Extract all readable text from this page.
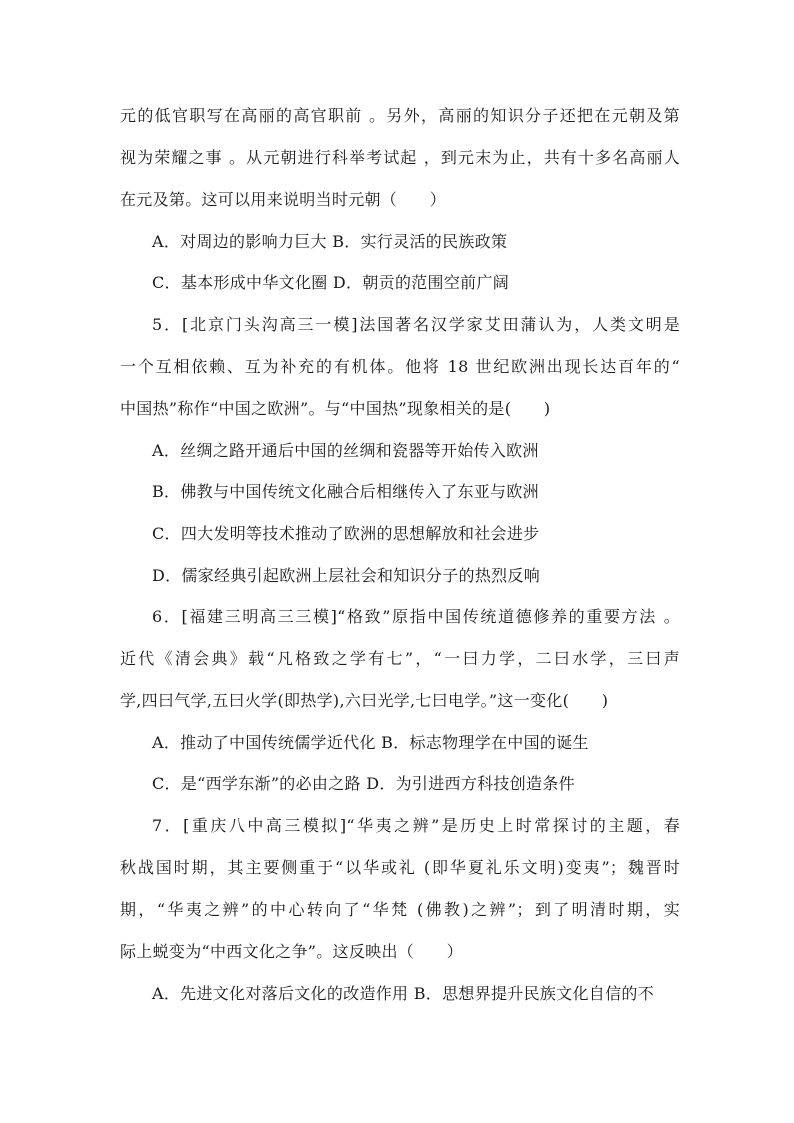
元的低官职写在高丽的高官职前 。另外，高丽的知识分子还把在元朝及第
视为荣耀之事 。从元朝进行科举考试起 ，到元末为止，共有十多名高丽人
在元及第。这可以用来说明当时元朝（　　）
A．对周边的影响力巨大 B．实行灵活的民族政策
C．基本形成中华文化圈 D．朝贡的范围空前广阔
5．[北京门头沟高三一模]法国著名汉学家艾田蒲认为，人类文明是
一个互相依赖、互为补充的有机体。他将 18 世纪欧洲出现长达百年的“
中国热”称作“中国之欧洲”。与“中国热”现象相关的是(　　)
A．丝绸之路开通后中国的丝绸和瓷器等开始传入欧洲
B．佛教与中国传统文化融合后相继传入了东亚与欧洲
C．四大发明等技术推动了欧洲的思想解放和社会进步
D．儒家经典引起欧洲上层社会和知识分子的热烈反响
6．[福建三明高三三模]“格致”原指中国传统道德修养的重要方法 。
近代《清会典》载“凡格致之学有七”，“一曰力学，二曰水学，三曰声
学,四曰气学,五曰火学(即热学),六曰光学,七曰电学。”这一变化(　　)
A．推动了中国传统儒学近代化 B．标志物理学在中国的诞生
C．是“西学东渐”的必由之路 D．为引进西方科技创造条件
7．[重庆八中高三模拟]“华夷之辨”是历史上时常探讨的主题，春
秋战国时期，其主要侧重于“以华或礼 (即华夏礼乐文明)变夷”；魏晋时
期，“华夷之辨”的中心转向了“华梵 (佛教)之辨”；到了明清时期，实
际上蜕变为“中西文化之争”。这反映出（　　）
A．先进文化对落后文化的改造作用 B．思想界提升民族文化自信的不
